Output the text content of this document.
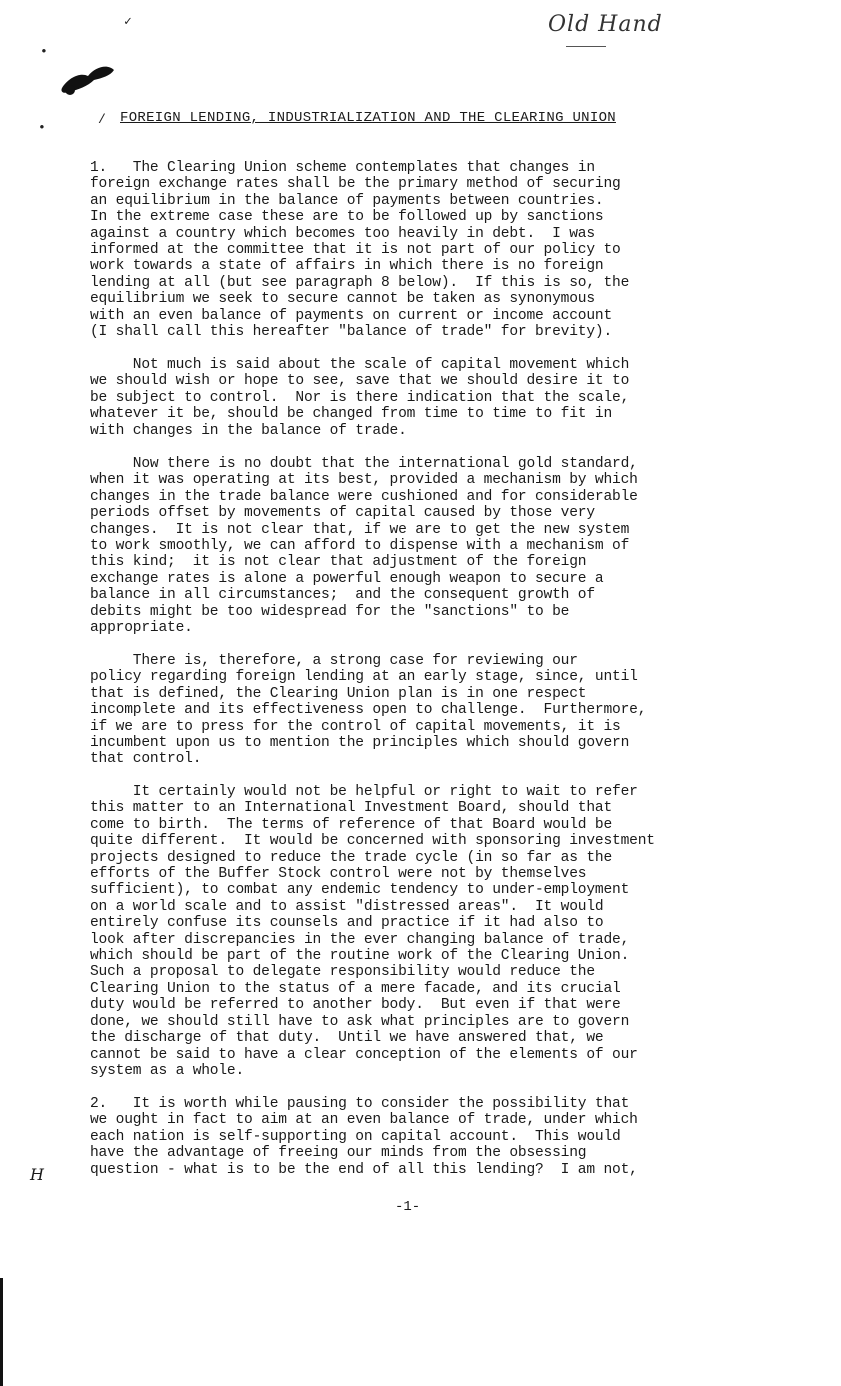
✓
•
•
/
Old Hand
FOREIGN LENDING, INDUSTRIALIZATION AND THE CLEARING UNION

1.   The Clearing Union scheme contemplates that changes in
foreign exchange rates shall be the primary method of securing
an equilibrium in the balance of payments between countries.
In the extreme case these are to be followed up by sanctions
against a country which becomes too heavily in debt.  I was
informed at the committee that it is not part of our policy to
work towards a state of affairs in which there is no foreign
lending at all (but see paragraph 8 below).  If this is so, the
equilibrium we seek to secure cannot be taken as synonymous
with an even balance of payments on current or income account
(I shall call this hereafter "balance of trade" for brevity).

Not much is said about the scale of capital movement which
we should wish or hope to see, save that we should desire it to
be subject to control.  Nor is there indication that the scale,
whatever it be, should be changed from time to time to fit in
with changes in the balance of trade.

Now there is no doubt that the international gold standard,
when it was operating at its best, provided a mechanism by which
changes in the trade balance were cushioned and for considerable
periods offset by movements of capital caused by those very
changes.  It is not clear that, if we are to get the new system
to work smoothly, we can afford to dispense with a mechanism of
this kind;  it is not clear that adjustment of the foreign
exchange rates is alone a powerful enough weapon to secure a
balance in all circumstances;  and the consequent growth of
debits might be too widespread for the "sanctions" to be
appropriate.

There is, therefore, a strong case for reviewing our
policy regarding foreign lending at an early stage, since, until
that is defined, the Clearing Union plan is in one respect
incomplete and its effectiveness open to challenge.  Furthermore,
if we are to press for the control of capital movements, it is
incumbent upon us to mention the principles which should govern
that control.

It certainly would not be helpful or right to wait to refer
this matter to an International Investment Board, should that
come to birth.  The terms of reference of that Board would be
quite different.  It would be concerned with sponsoring investment
projects designed to reduce the trade cycle (in so far as the
efforts of the Buffer Stock control were not by themselves
sufficient), to combat any endemic tendency to under-employment
on a world scale and to assist "distressed areas".  It would
entirely confuse its counsels and practice if it had also to
look after discrepancies in the ever changing balance of trade,
which should be part of the routine work of the Clearing Union.
Such a proposal to delegate responsibility would reduce the
Clearing Union to the status of a mere facade, and its crucial
duty would be referred to another body.  But even if that were
done, we should still have to ask what principles are to govern
the discharge of that duty.  Until we have answered that, we
cannot be said to have a clear conception of the elements of our
system as a whole.

2.   It is worth while pausing to consider the possibility that
we ought in fact to aim at an even balance of trade, under which
each nation is self-supporting on capital account.  This would
have the advantage of freeing our minds from the obsessing
question - what is to be the end of all this lending?  I am not,

H
-1-
